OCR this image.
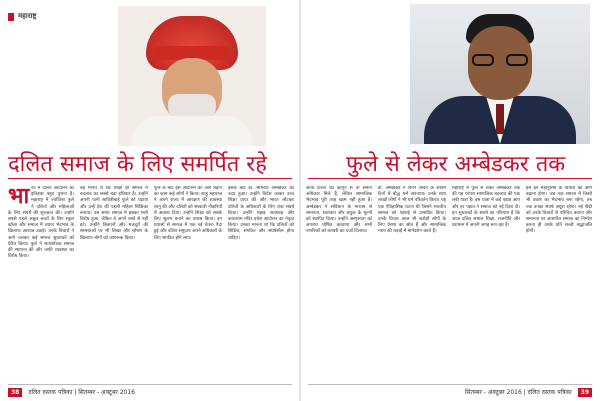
महाराष्ट्र
दलित समाज के लिए समर्पित रहे	फुले से लेकर अम्बेडकर तक
भा रत में दलित आंदोलन का इतिहास बहुत पुराना है। महाराष्ट्र में ज्योतिबा फुले ने दलितों और महिलाओं के लिए संघर्ष की शुरुआत की। उन्होंने सबसे पहले अछूत बच्चों के लिए स्कूल खोला और समाज में व्याप्त भेदभाव के खिलाफ आवाज उठाई। उनके विचारों ने आगे चलकर कई समाज सुधारकों को प्रेरित किया। फुले ने सत्यशोधक समाज की स्थापना की और जाति व्यवस्था का विरोध किया।
वह मानते थे कि शिक्षा ही समाज में बदलाव का सबसे बड़ा हथियार है। उन्होंने अपनी पत्नी सावित्रीबाई फुले को पढ़ाया और उन्हें देश की पहली महिला शिक्षिका बनाया। उस समय समाज में इसका भारी विरोध हुआ, लेकिन वे अपने रास्ते से नहीं हटे। उन्होंने किसानों और मजदूरों की समस्याओं पर भी लिखा और शोषण के खिलाफ लोगों को जागरूक किया।
फुले के बाद इस आंदोलन को आगे बढ़ाने का काम कई लोगों ने किया। शाहू महाराज ने अपने राज्य में आरक्षण की व्यवस्था लागू की और दलितों को सरकारी नौकरियों में अवसर दिया। उन्होंने शिक्षा को सबके लिए सुलभ बनाने का प्रयास किया। इन प्रयासों से समाज में एक नई चेतना पैदा हुई और दलित समुदाय अपने अधिकारों के लिए संगठित होने लगा।
इसके बाद डॉ. भीमराव अम्बेडकर का उदय हुआ। उन्होंने विदेश जाकर उच्च शिक्षा प्राप्त की और भारत लौटकर दलितों के अधिकारों के लिए लंबा संघर्ष किया। उन्होंने महाड़ सत्याग्रह और कालाराम मंदिर प्रवेश आंदोलन का नेतृत्व किया। उनका मानना था कि दलितों को शिक्षित, संगठित और संघर्षशील होना चाहिए।
आज दलित को कानून से तो समान अधिकार मिले हैं, लेकिन सामाजिक भेदभाव पूरी तरह खत्म नहीं हुआ है। अम्बेडकर ने संविधान के माध्यम से समानता, स्वतंत्रता और बंधुत्व के मूल्यों को स्थापित किया। उन्होंने अस्पृश्यता को अपराध घोषित करवाया और सभी नागरिकों को बराबरी का दर्जा दिलाया।
डॉ. अम्बेडकर ने अपने जीवन के अंतिम दिनों में बौद्ध धर्म अपनाया। उनके साथ लाखों लोगों ने भी धर्म परिवर्तन किया। यह एक ऐतिहासिक घटना थी जिसने भारतीय समाज को गहराई से प्रभावित किया। उनके विचार आज भी करोड़ों लोगों के लिए प्रेरणा का स्रोत हैं और सामाजिक न्याय की लड़ाई में मार्गदर्शन करते हैं।
महाराष्ट्र में फुले से लेकर अम्बेडकर तक की यह परंपरा सामाजिक बदलाव की एक लंबी यात्रा है। इस यात्रा में कई पड़ाव आए और हर पड़ाव ने समाज को नई दिशा दी। इन सुधारकों के संघर्ष का परिणाम है कि आज दलित समाज शिक्षा, राजनीति और प्रशासन में अपनी जगह बना रहा है।
हमें इन महापुरुषों के विचारों को आगे बढ़ाना होगा। जब तक समाज में किसी भी प्रकार का भेदभाव बना रहेगा, तब तक उनका संघर्ष अधूरा रहेगा। नई पीढ़ी को उनके विचारों से परिचित कराना और समानता पर आधारित समाज का निर्माण करना ही उनके प्रति सच्ची श्रद्धांजलि होगी।
38	दलित दस्तक पत्रिका | सितम्बर - अक्टूबर 2016	सितम्बर - अक्टूबर 2016 | दलित दस्तक पत्रिका	39
